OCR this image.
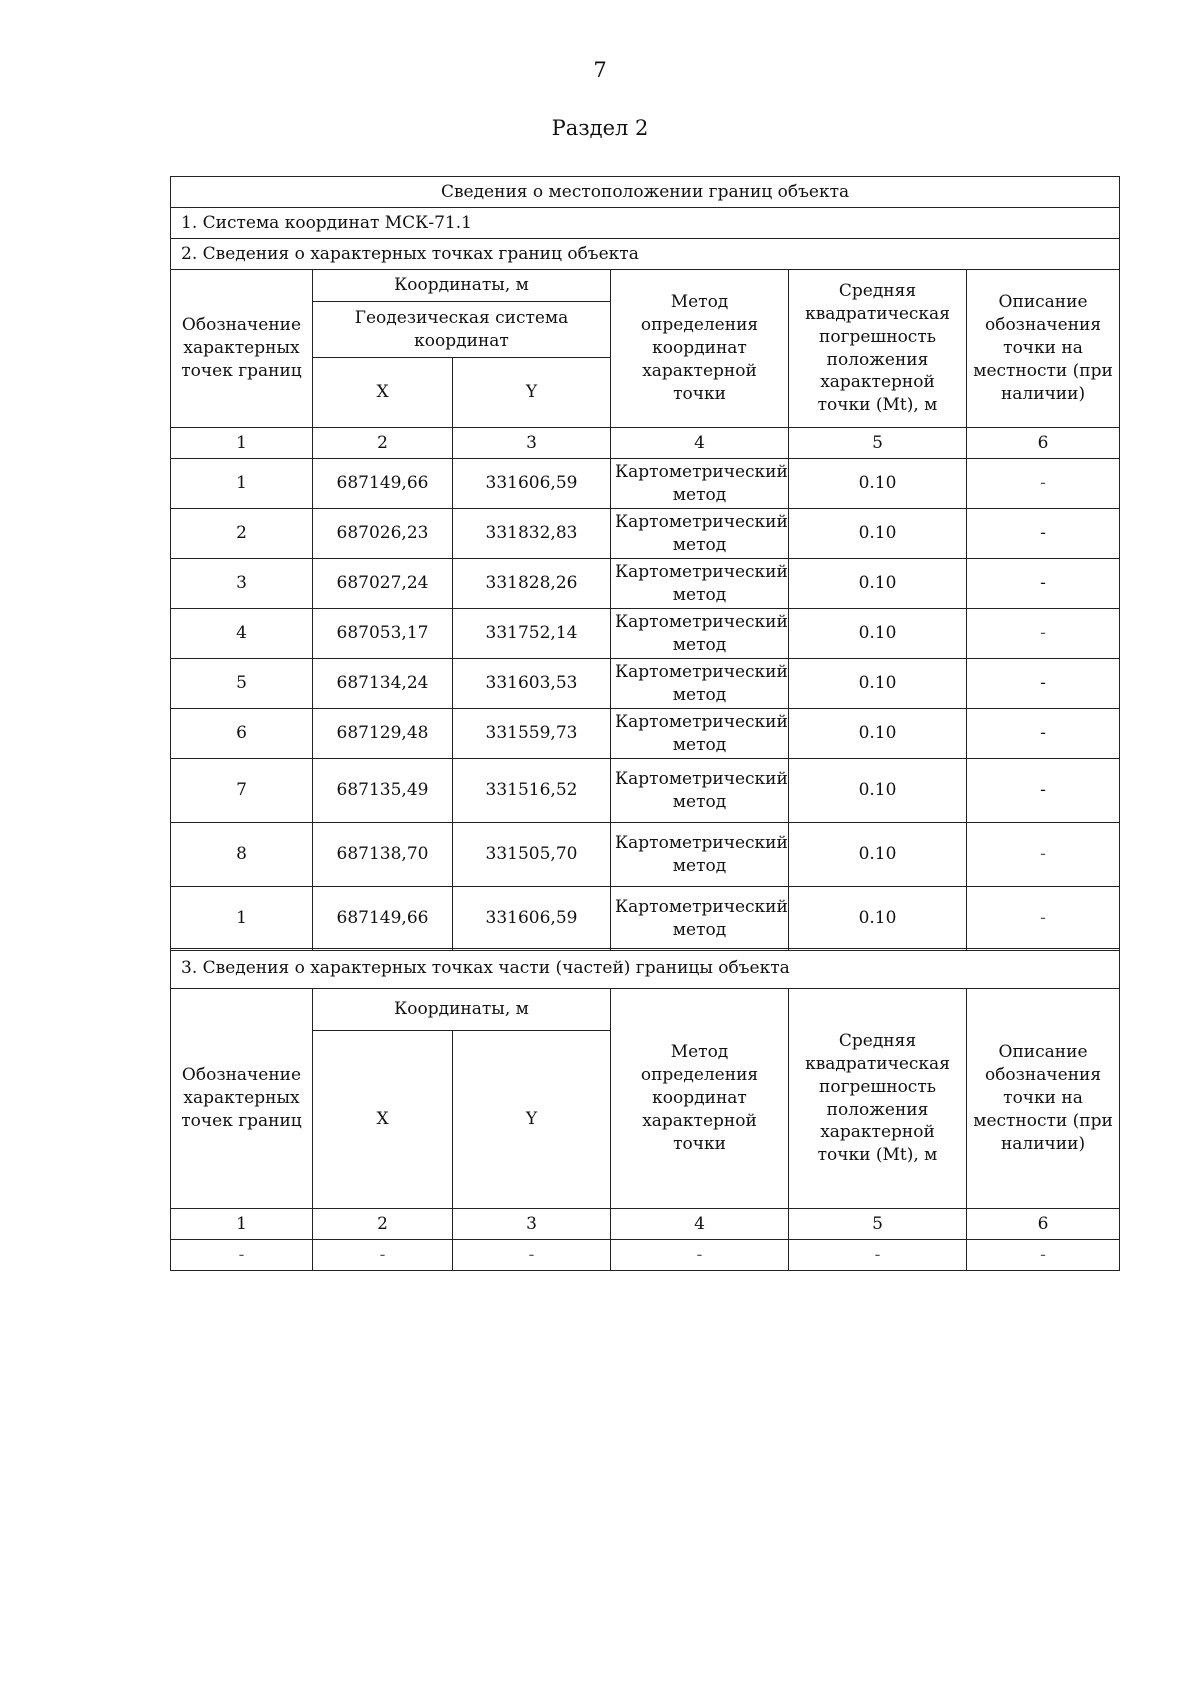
7
Раздел 2
Сведения о местоположении границ объекта					
1. Система координат МСК-71.1					
2. Сведения о характерных точках границ объекта					
Обозначение характерных точек границ	Координаты, м		Метод определения координат характерной точки	Средняя квадратическая погрешность положения характерной точки (Mt), м	Описание обозначения точки на местности (при наличии)
	Геодезическая система координат				
	X	Y			
1	2	3	4	5	6
1	687149,66	331606,59	Картометрический метод	0.10	-
2	687026,23	331832,83	Картометрический метод	0.10	-
3	687027,24	331828,26	Картометрический метод	0.10	-
4	687053,17	331752,14	Картометрический метод	0.10	-
5	687134,24	331603,53	Картометрический метод	0.10	-
6	687129,48	331559,73	Картометрический метод	0.10	-
7	687135,49	331516,52	Картометрический метод	0.10	-
8	687138,70	331505,70	Картометрический метод	0.10	-
1	687149,66	331606,59	Картометрический метод	0.10	-
3. Сведения о характерных точках части (частей) границы объекта					
Обозначение характерных точек границ	Координаты, м		Метод определения координат характерной точки	Средняя квадратическая погрешность положения характерной точки (Mt), м	Описание обозначения точки на местности (при наличии)
	X	Y			
1	2	3	4	5	6
-	-	-	-	-	-
